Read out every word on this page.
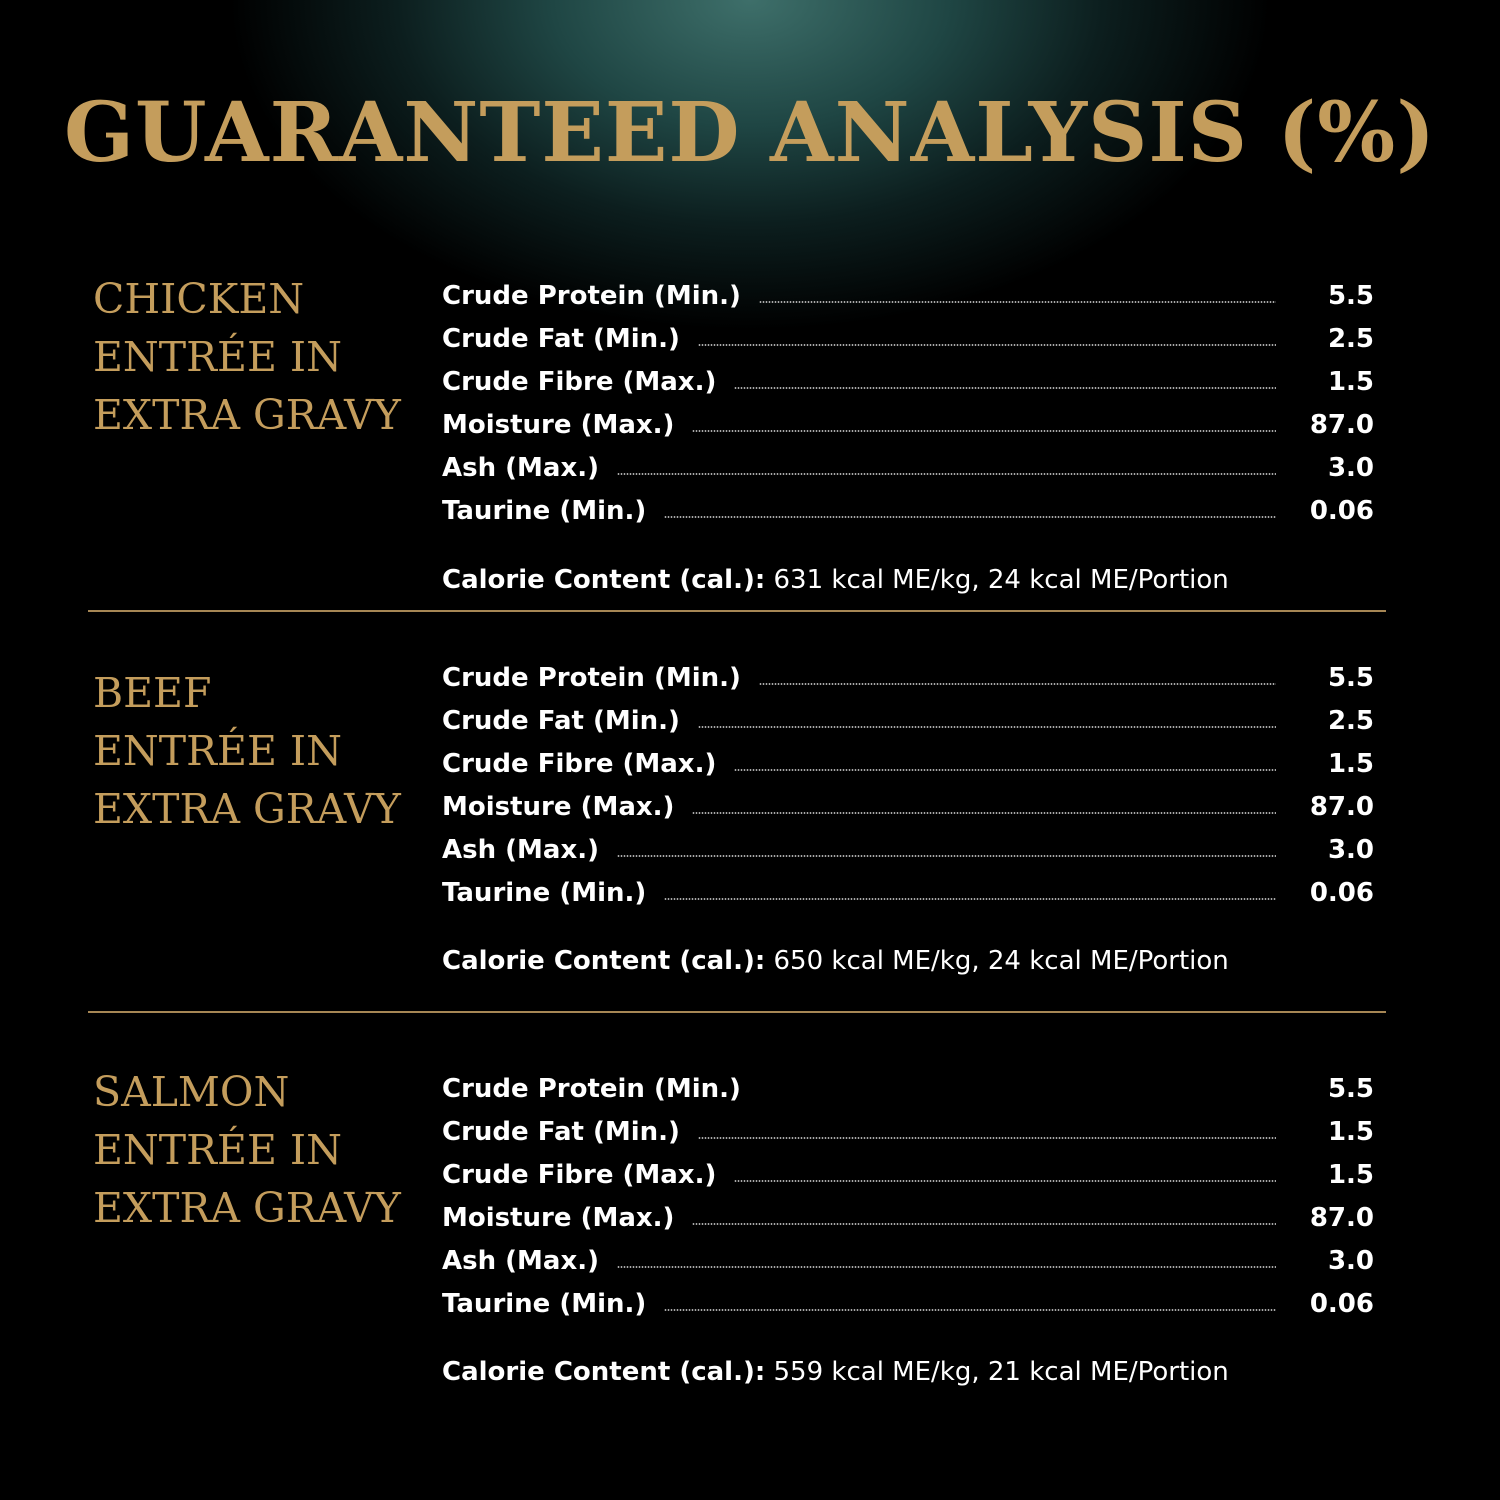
GUARANTEED ANALYSIS (%)
CHICKEN
ENTRÉE IN
EXTRA GRAVY
Crude Protein (Min.)	5.5
Crude Fat (Min.)	2.5
Crude Fibre (Max.)	1.5
Moisture (Max.)	87.0
Ash (Max.)	3.0
Taurine (Min.)	0.06
Calorie Content (cal.): 631 kcal ME/kg, 24 kcal ME/Portion
BEEF
ENTRÉE IN
EXTRA GRAVY
Crude Protein (Min.)	5.5
Crude Fat (Min.)	2.5
Crude Fibre (Max.)	1.5
Moisture (Max.)	87.0
Ash (Max.)	3.0
Taurine (Min.)	0.06
Calorie Content (cal.): 650 kcal ME/kg, 24 kcal ME/Portion
SALMON
ENTRÉE IN
EXTRA GRAVY
Crude Protein (Min.)	5.5
Crude Fat (Min.)	1.5
Crude Fibre (Max.)	1.5
Moisture (Max.)	87.0
Ash (Max.)	3.0
Taurine (Min.)	0.06
Calorie Content (cal.): 559 kcal ME/kg, 21 kcal ME/Portion
